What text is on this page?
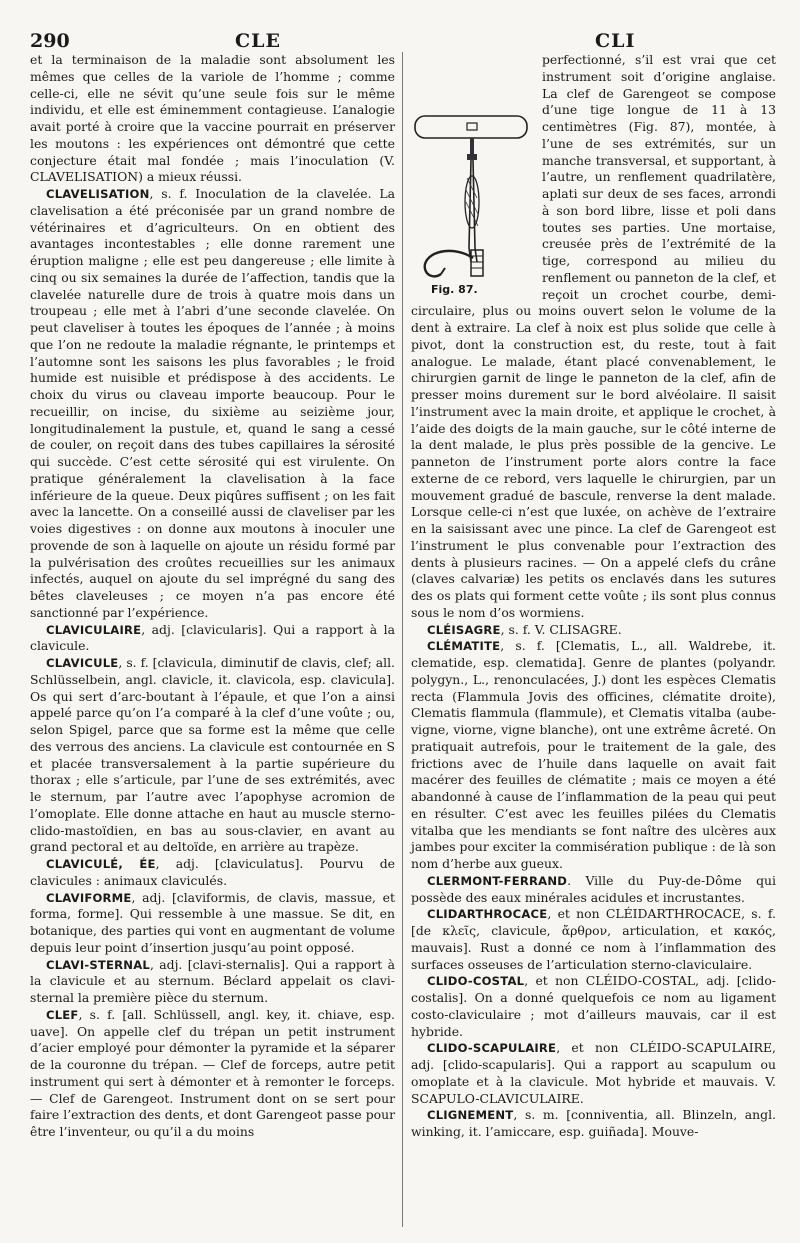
290	CLE	CLI

et la terminaison de la maladie sont absolument les mêmes que celles de la variole de l’homme ; comme celle-ci, elle ne sévit qu’une seule fois sur le même individu, et elle est éminemment contagieuse. L’analogie avait porté à croire que la vaccine pourrait en préserver les moutons : les expériences ont démontré que cette conjecture était mal fondée ; mais l’inoculation (V. CLAVELISATION) a mieux réussi.

CLAVELISATION, s. f. Inoculation de la clavelée. La clavelisation a été préconisée par un grand nombre de vétérinaires et d’agriculteurs. On en obtient des avantages incontestables ; elle donne rarement une éruption maligne ; elle est peu dangereuse ; elle limite à cinq ou six semaines la durée de l’affection, tandis que la clavelée naturelle dure de trois à quatre mois dans un troupeau ; elle met à l’abri d’une seconde clavelée. On peut claveliser à toutes les époques de l’année ; à moins que l’on ne redoute la maladie régnante, le printemps et l’automne sont les saisons les plus favorables ; le froid humide est nuisible et prédispose à des accidents. Le choix du virus ou claveau importe beaucoup. Pour le recueillir, on incise, du sixième au seizième jour, longitudinalement la pustule, et, quand le sang a cessé de couler, on reçoit dans des tubes capillaires la sérosité qui succède. C’est cette sérosité qui est virulente. On pratique généralement la clavelisation à la face inférieure de la queue. Deux piqûres suffisent ; on les fait avec la lancette. On a conseillé aussi de claveliser par les voies digestives : on donne aux moutons à inoculer une provende de son à laquelle on ajoute un résidu formé par la pulvérisation des croûtes recueillies sur les animaux infectés, auquel on ajoute du sel imprégné du sang des bêtes claveleuses ; ce moyen n’a pas encore été sanctionné par l’expérience.

CLAVICULAIRE, adj. [clavicularis]. Qui a rapport à la clavicule.

CLAVICULE, s. f. [clavicula, diminutif de clavis, clef; all. Schlüsselbein, angl. clavicle, it. clavicola, esp. clavicula]. Os qui sert d’arc-boutant à l’épaule, et que l’on a ainsi appelé parce qu’on l’a comparé à la clef d’une voûte ; ou, selon Spigel, parce que sa forme est la même que celle des verrous des anciens. La clavicule est contournée en S et placée transversalement à la partie supérieure du thorax ; elle s’articule, par l’une de ses extrémités, avec le sternum, par l’autre avec l’apophyse acromion de l’omoplate. Elle donne attache en haut au muscle sterno-clido-mastoïdien, en bas au sous-clavier, en avant au grand pectoral et au deltoïde, en arrière au trapèze.

CLAVICULÉ, ÉE, adj. [claviculatus]. Pourvu de clavicules : animaux claviculés.

CLAVIFORME, adj. [claviformis, de clavis, massue, et forma, forme]. Qui ressemble à une massue. Se dit, en botanique, des parties qui vont en augmentant de volume depuis leur point d’insertion jusqu’au point opposé.

CLAVI-STERNAL, adj. [clavi-sternalis]. Qui a rapport à la clavicule et au sternum. Béclard appelait os clavi-sternal la première pièce du sternum.

CLEF, s. f. [all. Schlüssell, angl. key, it. chiave, esp. uave]. On appelle clef du trépan un petit instrument d’acier employé pour démonter la pyramide et la séparer de la couronne du trépan. — Clef de forceps, autre petit instrument qui sert à démonter et à remonter le forceps. — Clef de Garengeot. Instrument dont on se sert pour faire l’extraction des dents, et dont Garengeot passe pour être l’inventeur, ou qu’il a du moins

Fig. 87.

perfectionné, s’il est vrai que cet instrument soit d’origine anglaise. La clef de Garengeot se compose d’une tige longue de 11 à 13 centimètres (Fig. 87), montée, à l’une de ses extrémités, sur un manche transversal, et supportant, à l’autre, un renflement quadrilatère, aplati sur deux de ses faces, arrondi à son bord libre, lisse et poli dans toutes ses parties. Une mortaise, creusée près de l’extrémité de la tige, correspond au milieu du renflement ou panneton de la clef, et reçoit un crochet courbe, demi-circulaire, plus ou moins ouvert selon le volume de la dent à extraire. La clef à noix est plus solide que celle à pivot, dont la construction est, du reste, tout à fait analogue. Le malade, étant placé convenablement, le chirurgien garnit de linge le panneton de la clef, afin de presser moins durement sur le bord alvéolaire. Il saisit l’instrument avec la main droite, et applique le crochet, à l’aide des doigts de la main gauche, sur le côté interne de la dent malade, le plus près possible de la gencive. Le panneton de l’instrument porte alors contre la face externe de ce rebord, vers laquelle le chirurgien, par un mouvement gradué de bascule, renverse la dent malade. Lorsque celle-ci n’est que luxée, on achève de l’extraire en la saisissant avec une pince. La clef de Garengeot est l’instrument le plus convenable pour l’extraction des dents à plusieurs racines. — On a appelé clefs du crâne (claves calvariæ) les petits os enclavés dans les sutures des os plats qui forment cette voûte ; ils sont plus connus sous le nom d’os wormiens.

CLÉISAGRE, s. f. V. CLISAGRE.

CLÉMATITE, s. f. [Clematis, L., all. Waldrebe, it. clematide, esp. clematida]. Genre de plantes (polyandr. polygyn., L., renonculacées, J.) dont les espèces Clematis recta (Flammula Jovis des officines, clématite droite), Clematis flammula (flammule), et Clematis vitalba (aube-vigne, viorne, vigne blanche), ont une extrême âcreté. On pratiquait autrefois, pour le traitement de la gale, des frictions avec de l’huile dans laquelle on avait fait macérer des feuilles de clématite ; mais ce moyen a été abandonné à cause de l’inflammation de la peau qui peut en résulter. C’est avec les feuilles pilées du Clematis vitalba que les mendiants se font naître des ulcères aux jambes pour exciter la commisération publique : de là son nom d’herbe aux gueux.

CLERMONT-FERRAND. Ville du Puy-de-Dôme qui possède des eaux minérales acidules et incrustantes.

CLIDARTHROCACE, et non CLÉIDARTHROCACE, s. f. [de κλεῖς, clavicule, ἄρθρον, articulation, et κακός, mauvais]. Rust a donné ce nom à l’inflammation des surfaces osseuses de l’articulation sterno-claviculaire.

CLIDO-COSTAL, et non CLÉIDO-COSTAL, adj. [clido-costalis]. On a donné quelquefois ce nom au ligament costo-claviculaire ; mot d’ailleurs mauvais, car il est hybride.

CLIDO-SCAPULAIRE, et non CLÉIDO-SCAPULAIRE, adj. [clido-scapularis]. Qui a rapport au scapulum ou omoplate et à la clavicule. Mot hybride et mauvais. V. SCAPULO-CLAVICULAIRE.

CLIGNEMENT, s. m. [conniventia, all. Blinzeln, angl. winking, it. l’amiccare, esp. guiñada]. Mouve-
